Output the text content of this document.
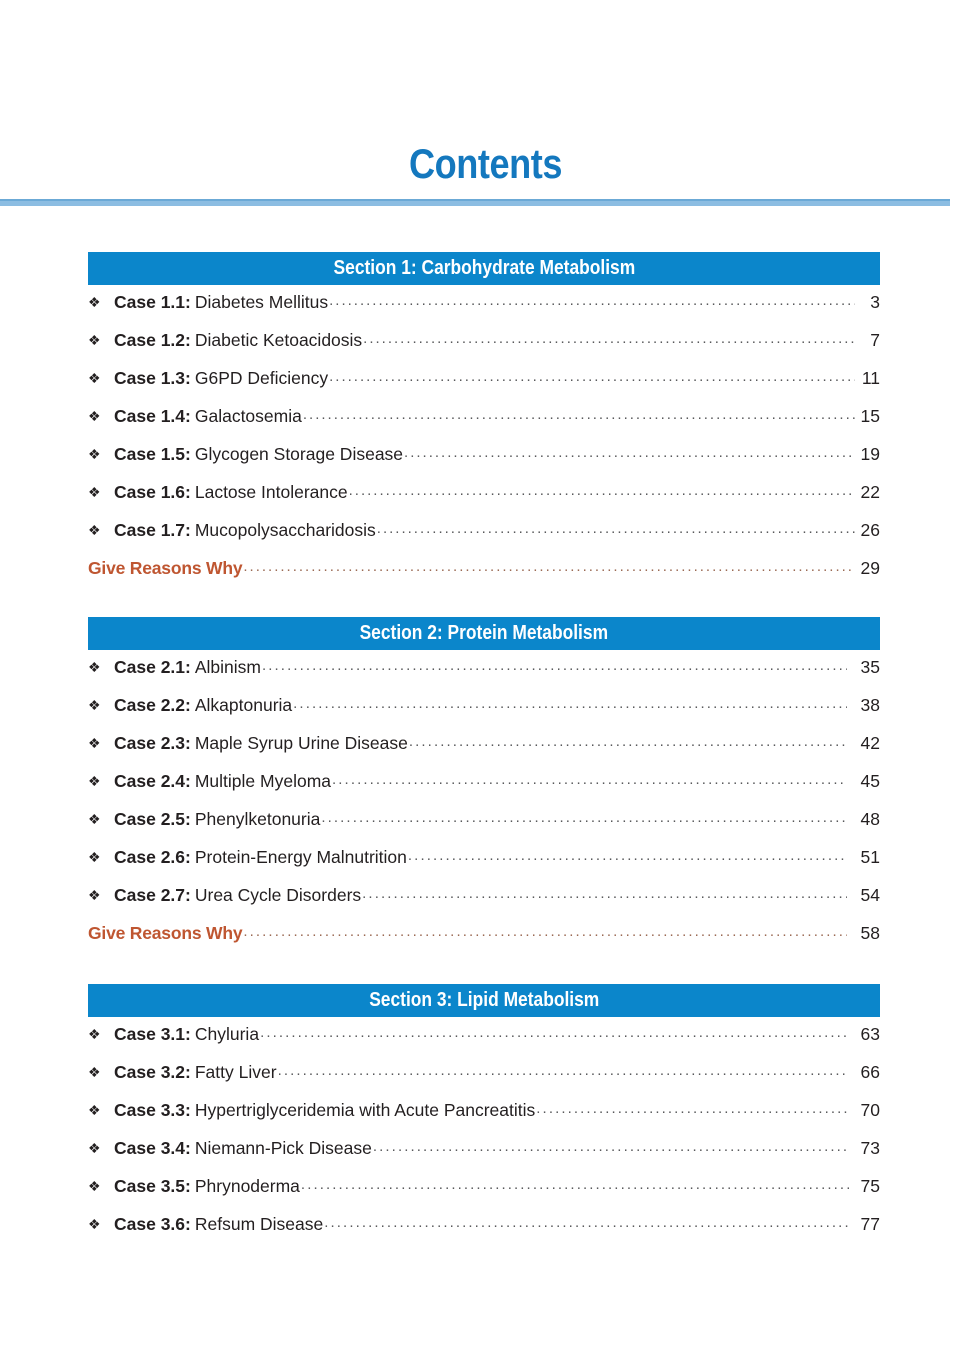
Contents
Section 1: Carbohydrate Metabolism
❖ Case 1.1: Diabetes Mellitus .....	3
❖ Case 1.2: Diabetic Ketoacidosis .....	7
❖ Case 1.3: G6PD Deficiency .....	11
❖ Case 1.4: Galactosemia .....	15
❖ Case 1.5: Glycogen Storage Disease .....	19
❖ Case 1.6: Lactose Intolerance .....	22
❖ Case 1.7: Mucopolysaccharidosis .....	26
Give Reasons Why .....	29
Section 2: Protein Metabolism
❖ Case 2.1: Albinism .....	35
❖ Case 2.2: Alkaptonuria .....	38
❖ Case 2.3: Maple Syrup Urine Disease .....	42
❖ Case 2.4: Multiple Myeloma .....	45
❖ Case 2.5: Phenylketonuria .....	48
❖ Case 2.6: Protein-Energy Malnutrition .....	51
❖ Case 2.7: Urea Cycle Disorders .....	54
Give Reasons Why .....	58
Section 3: Lipid Metabolism
❖ Case 3.1: Chyluria .....	63
❖ Case 3.2: Fatty Liver .....	66
❖ Case 3.3: Hypertriglyceridemia with Acute Pancreatitis .....	70
❖ Case 3.4: Niemann-Pick Disease .....	73
❖ Case 3.5: Phrynoderma .....	75
❖ Case 3.6: Refsum Disease .....	77
